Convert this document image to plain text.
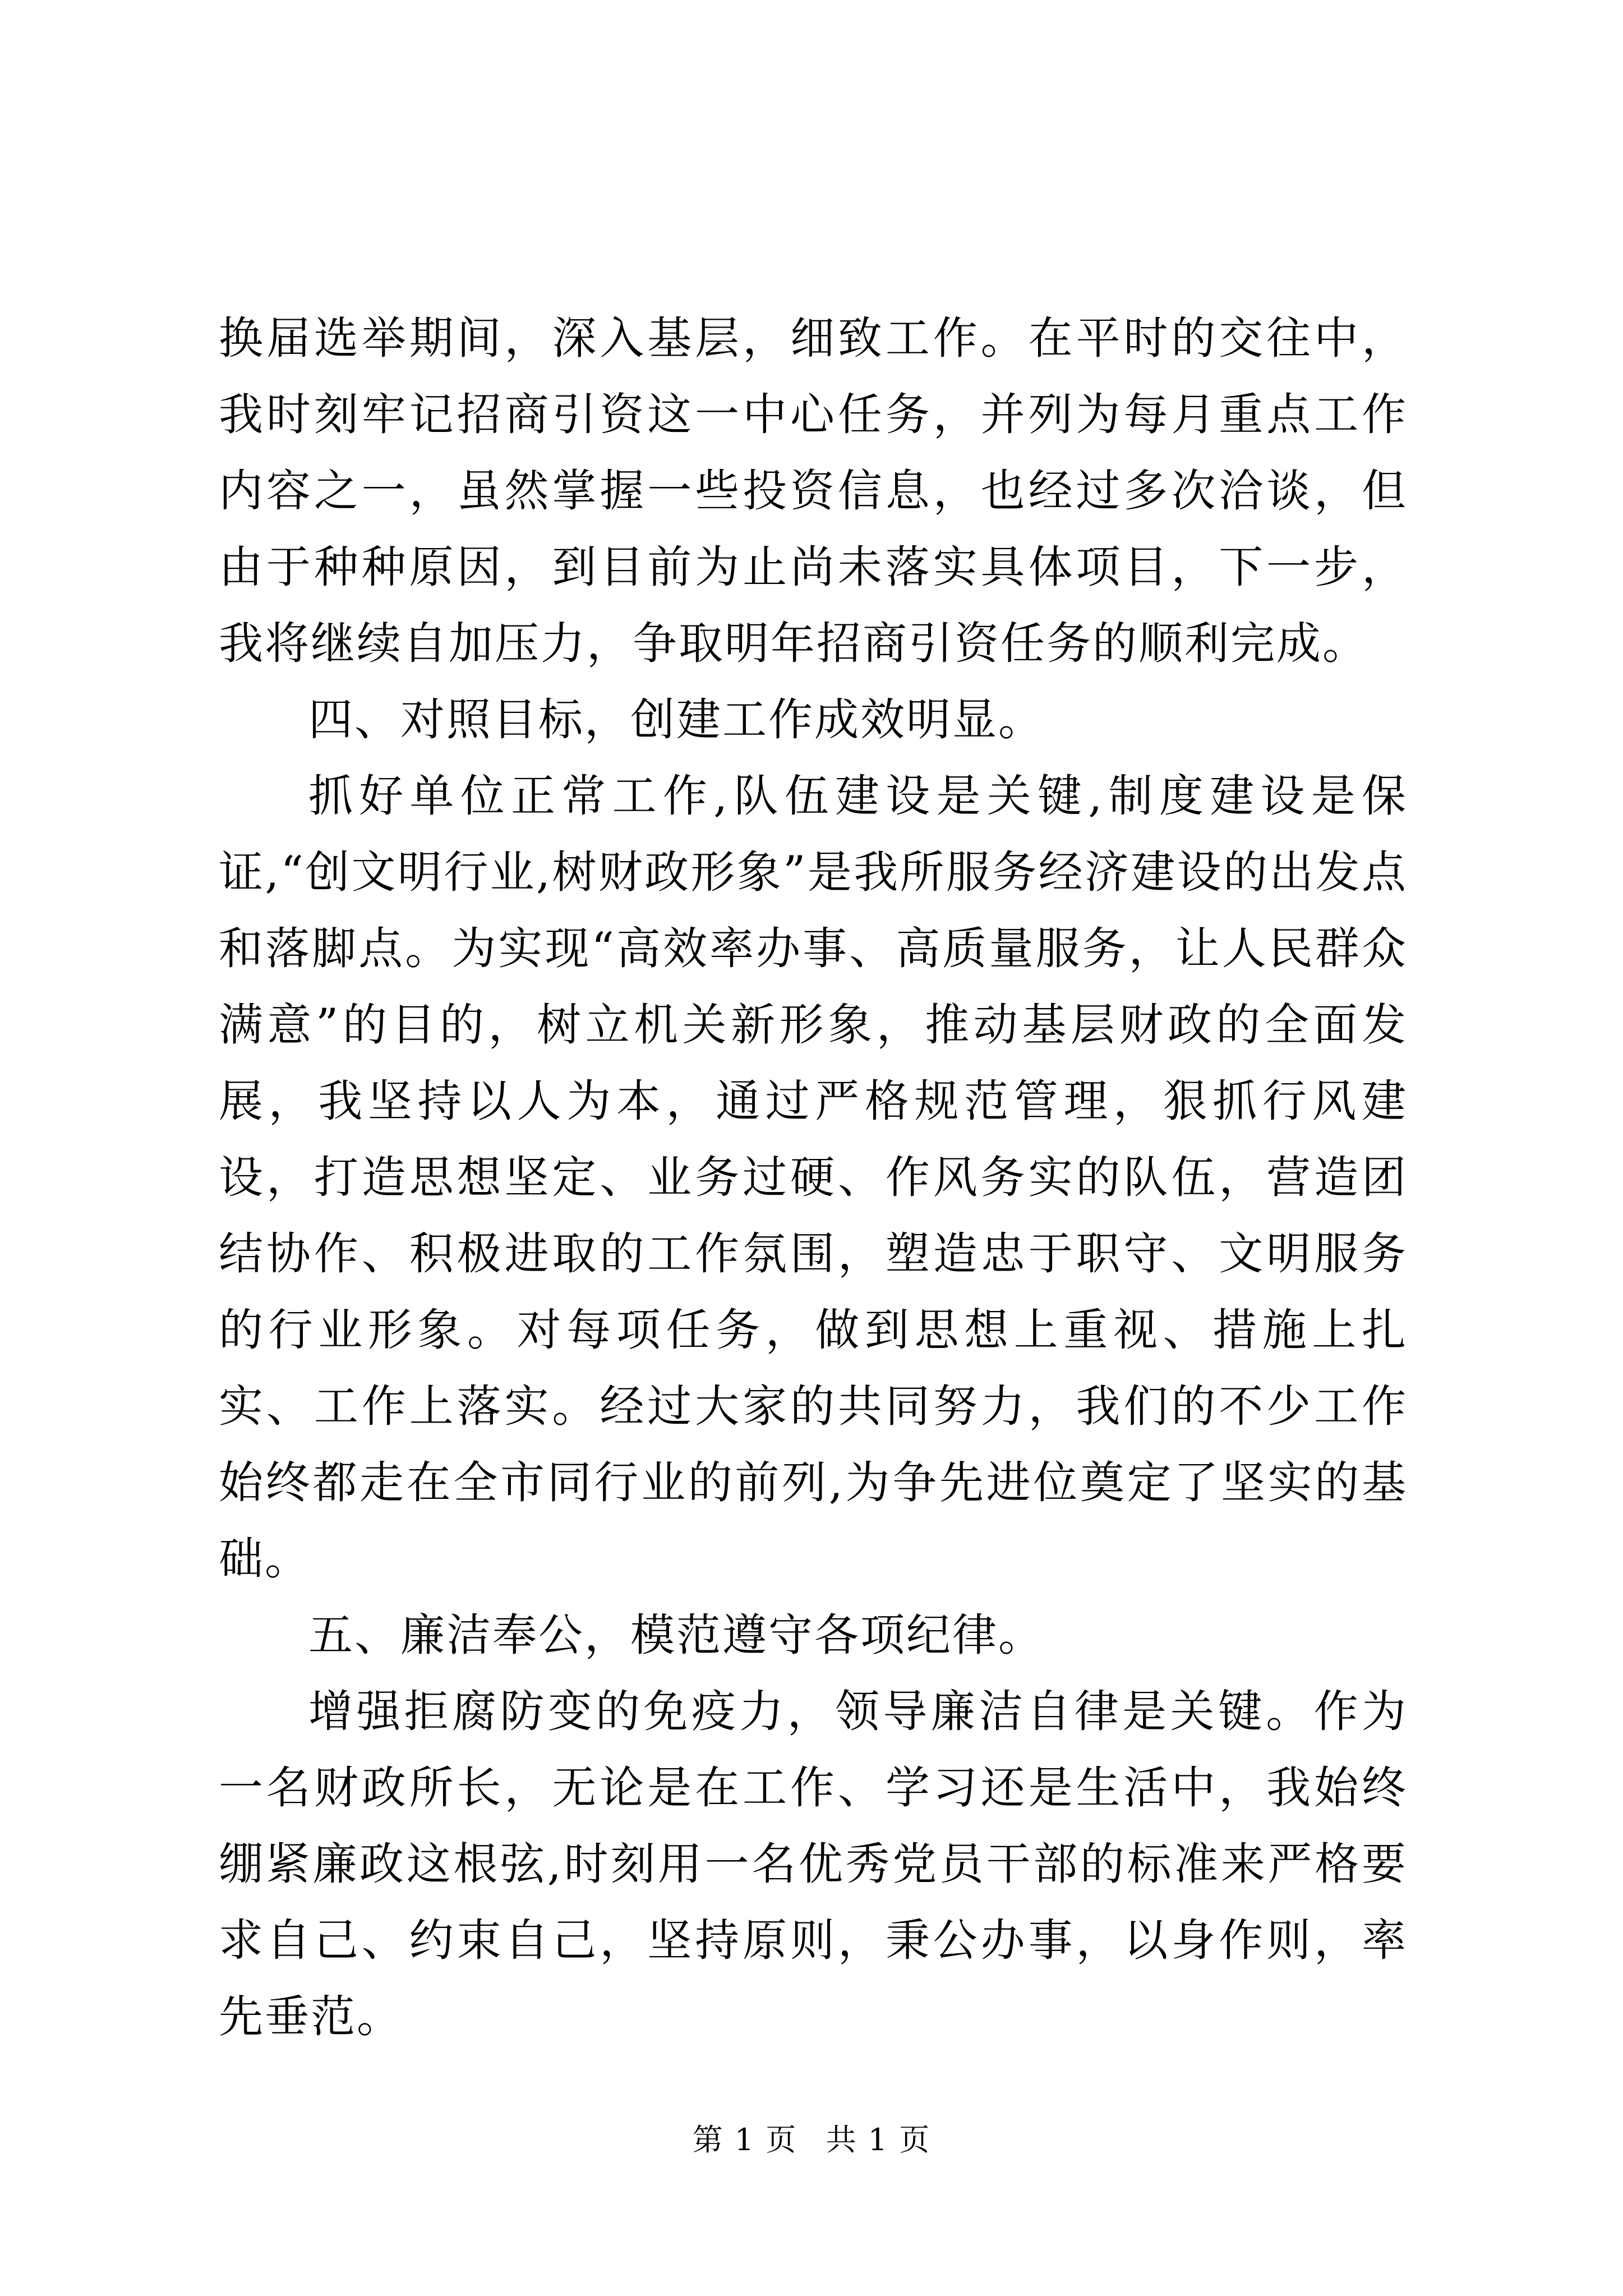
换届选举期间，深入基层，细致工作。在平时的交往中，我时刻牢记招商引资这一中心任务，并列为每月重点工作内容之一，虽然掌握一些投资信息，也经过多次洽谈，但由于种种原因，到目前为止尚未落实具体项目，下一步，我将继续自加压力，争取明年招商引资任务的顺利完成。

四、对照目标，创建工作成效明显。

抓好单位正常工作,队伍建设是关键,制度建设是保证,“创文明行业,树财政形象”是我所服务经济建设的出发点和落脚点。为实现“高效率办事、高质量服务，让人民群众满意”的目的，树立机关新形象，推动基层财政的全面发展，我坚持以人为本，通过严格规范管理，狠抓行风建设，打造思想坚定、业务过硬、作风务实的队伍，营造团结协作、积极进取的工作氛围，塑造忠于职守、文明服务的行业形象。对每项任务，做到思想上重视、措施上扎实、工作上落实。经过大家的共同努力，我们的不少工作始终都走在全市同行业的前列,为争先进位奠定了坚实的基础。

五、廉洁奉公，模范遵守各项纪律。

增强拒腐防变的免疫力，领导廉洁自律是关键。作为一名财政所长，无论是在工作、学习还是生活中，我始终绷紧廉政这根弦,时刻用一名优秀党员干部的标准来严格要求自己、约束自己，坚持原则，秉公办事，以身作则，率先垂范。

第 1 页 共 1 页
